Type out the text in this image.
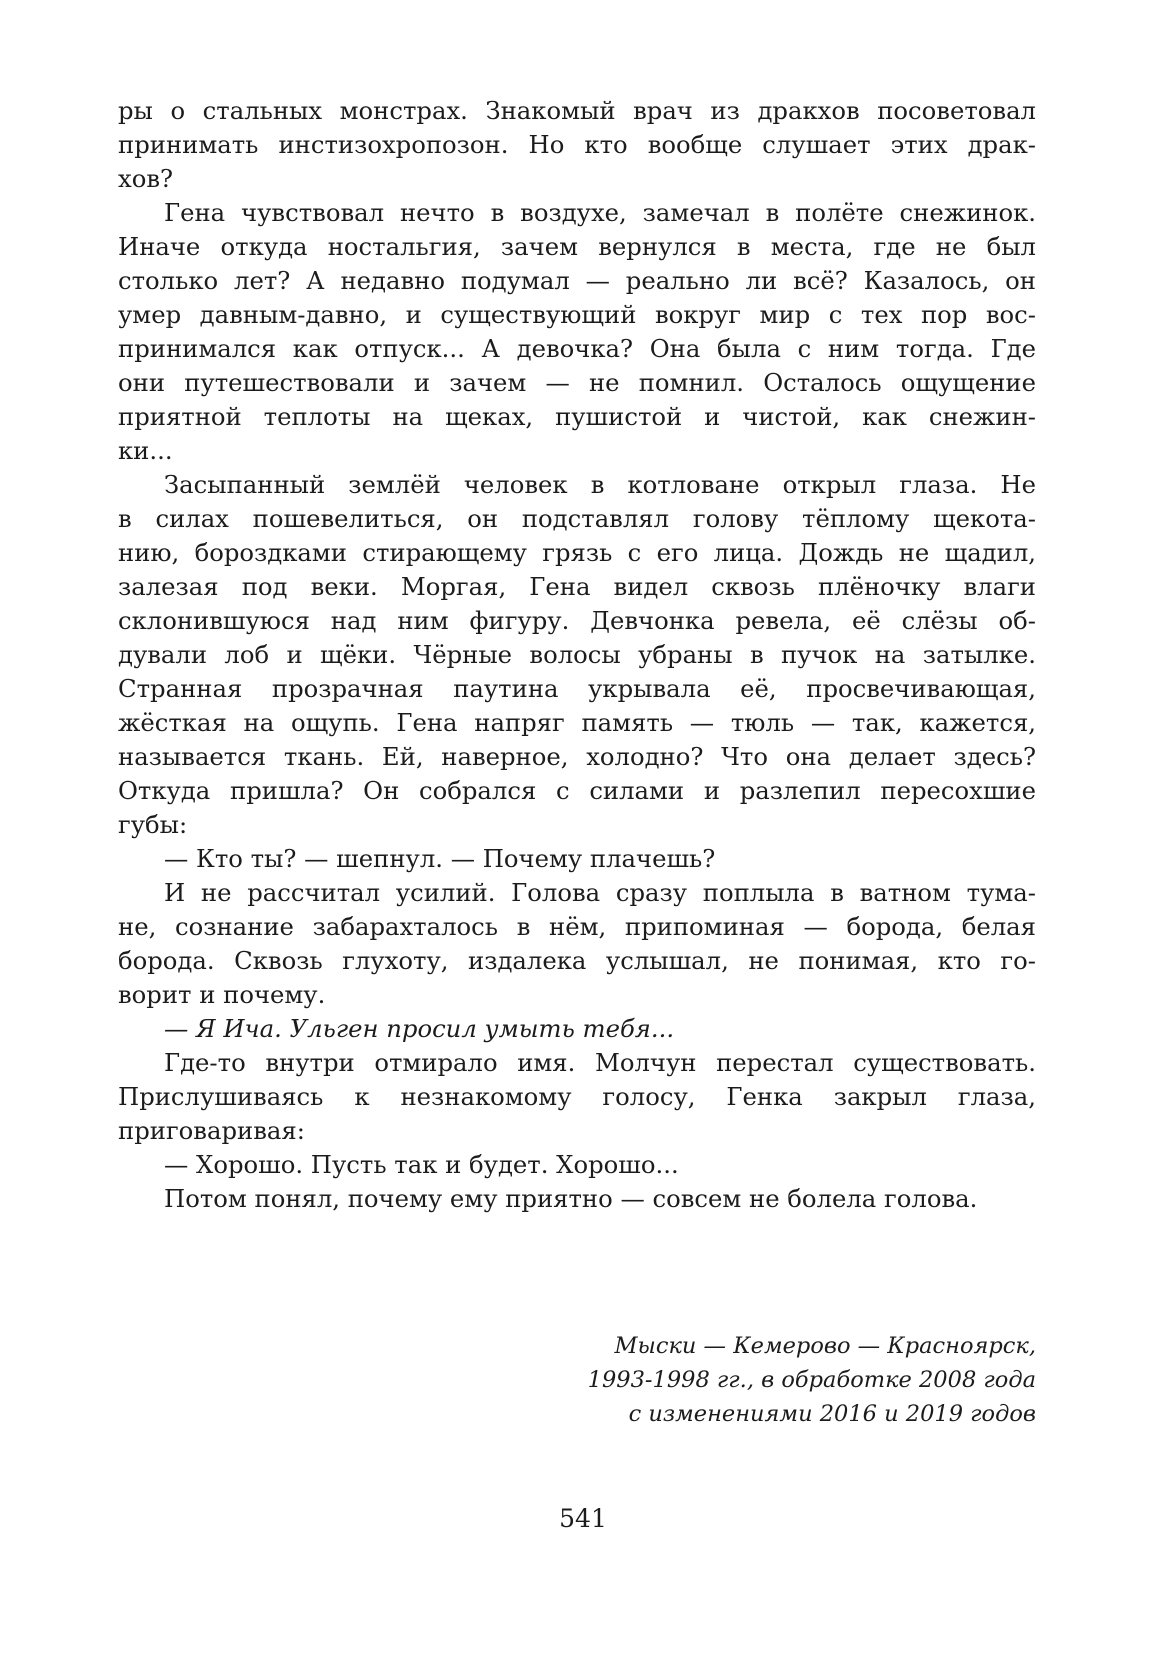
ры о стальных монстрах. Знакомый врач из дракхов посоветовал
принимать инстизохропозон. Но кто вообще слушает этих драк-
хов?
Гена чувствовал нечто в воздухе, замечал в полёте снежинок.
Иначе откуда ностальгия, зачем вернулся в места, где не был
столько лет? А недавно подумал — реально ли всё? Казалось, он
умер давным-давно, и существующий вокруг мир с тех пор вос-
принимался как отпуск... А девочка? Она была с ним тогда. Где
они путешествовали и зачем — не помнил. Осталось ощущение
приятной теплоты на щеках, пушистой и чистой, как снежин-
ки...
Засыпанный землёй человек в котловане открыл глаза. Не
в силах пошевелиться, он подставлял голову тёплому щекота-
нию, бороздками стирающему грязь с его лица. Дождь не щадил,
залезая под веки. Моргая, Гена видел сквозь плёночку влаги
склонившуюся над ним фигуру. Девчонка ревела, её слёзы об-
дували лоб и щёки. Чёрные волосы убраны в пучок на затылке.
Странная прозрачная паутина укрывала её, просвечивающая,
жёсткая на ощупь. Гена напряг память — тюль — так, кажется,
называется ткань. Ей, наверное, холодно? Что она делает здесь?
Откуда пришла? Он собрался с силами и разлепил пересохшие
губы:
— Кто ты? — шепнул. — Почему плачешь?
И не рассчитал усилий. Голова сразу поплыла в ватном тума-
не, сознание забарахталось в нём, припоминая — борода, белая
борода. Сквозь глухоту, издалека услышал, не понимая, кто го-
ворит и почему.
— Я Ича. Ульген просил умыть тебя...
Где-то внутри отмирало имя. Молчун перестал существовать.
Прислушиваясь к незнакомому голосу, Генка закрыл глаза,
приговаривая:
— Хорошо. Пусть так и будет. Хорошо...
Потом понял, почему ему приятно — совсем не болела голова.
Мыски — Кемерово — Красноярск,
1993-1998 гг., в обработке 2008 года
с изменениями 2016 и 2019 годов
541
